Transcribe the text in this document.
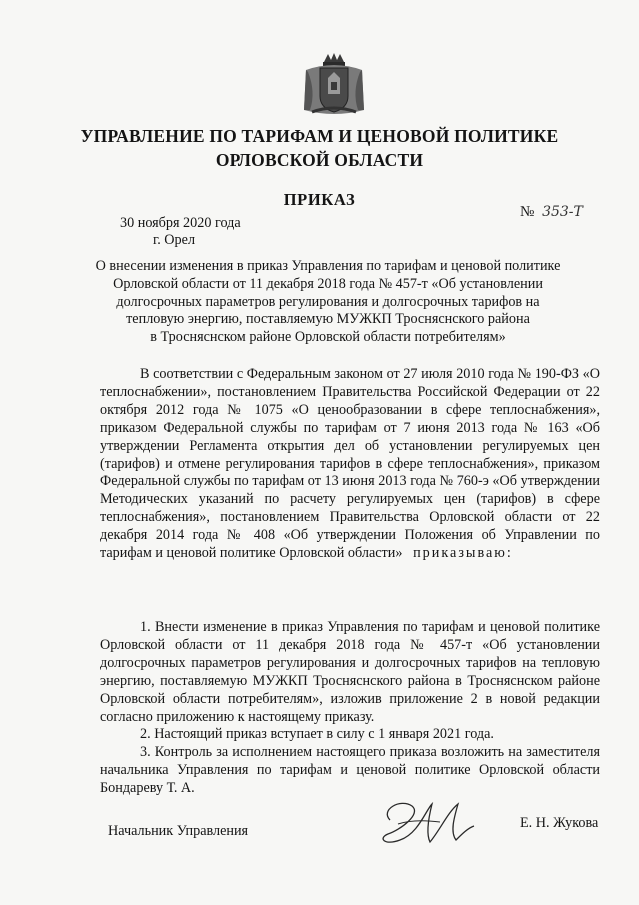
УПРАВЛЕНИЕ ПО ТАРИФАМ И ЦЕНОВОЙ ПОЛИТИКЕ
ОРЛОВСКОЙ ОБЛАСТИ
ПРИКАЗ
30 ноября 2020 года
г. Орел
№ 353-Т
О внесении изменения в приказ Управления по тарифам и ценовой политике
Орловской области от 11 декабря 2018 года № 457-т «Об установлении
долгосрочных параметров регулирования и долгосрочных тарифов на
тепловую энергию, поставляемую МУЖКП Тросняснского района
в Тросняснском районе Орловской области потребителям»

В соответствии с Федеральным законом от 27 июля 2010 года № 190-ФЗ «О теплоснабжении», постановлением Правительства Российской Федерации от 22 октября 2012 года № 1075 «О ценообразовании в сфере теплоснабжения», приказом Федеральной службы по тарифам от 7 июня 2013 года № 163 «Об утверждении Регламента открытия дел об установлении регулируемых цен (тарифов) и отмене регулирования тарифов в сфере теплоснабжения», приказом Федеральной службы по тарифам от 13 июня 2013 года № 760-э «Об утверждении Методических указаний по расчету регулируемых цен (тарифов) в сфере теплоснабжения», постановлением Правительства Орловской области от 22 декабря 2014 года № 408 «Об утверждении Положения об Управлении по тарифам и ценовой политике Орловской области» приказываю:

1. Внести изменение в приказ Управления по тарифам и ценовой политике Орловской области от 11 декабря 2018 года № 457-т «Об установлении долгосрочных параметров регулирования и долгосрочных тарифов на тепловую энергию, поставляемую МУЖКП Тросняснского района в Тросняснском районе Орловской области потребителям», изложив приложение 2 в новой редакции согласно приложению к настоящему приказу.

2. Настоящий приказ вступает в силу с 1 января 2021 года.

3. Контроль за исполнением настоящего приказа возложить на заместителя начальника Управления по тарифам и ценовой политике Орловской области Бондареву Т. А.

Начальник Управления	Е. Н. Жукова
